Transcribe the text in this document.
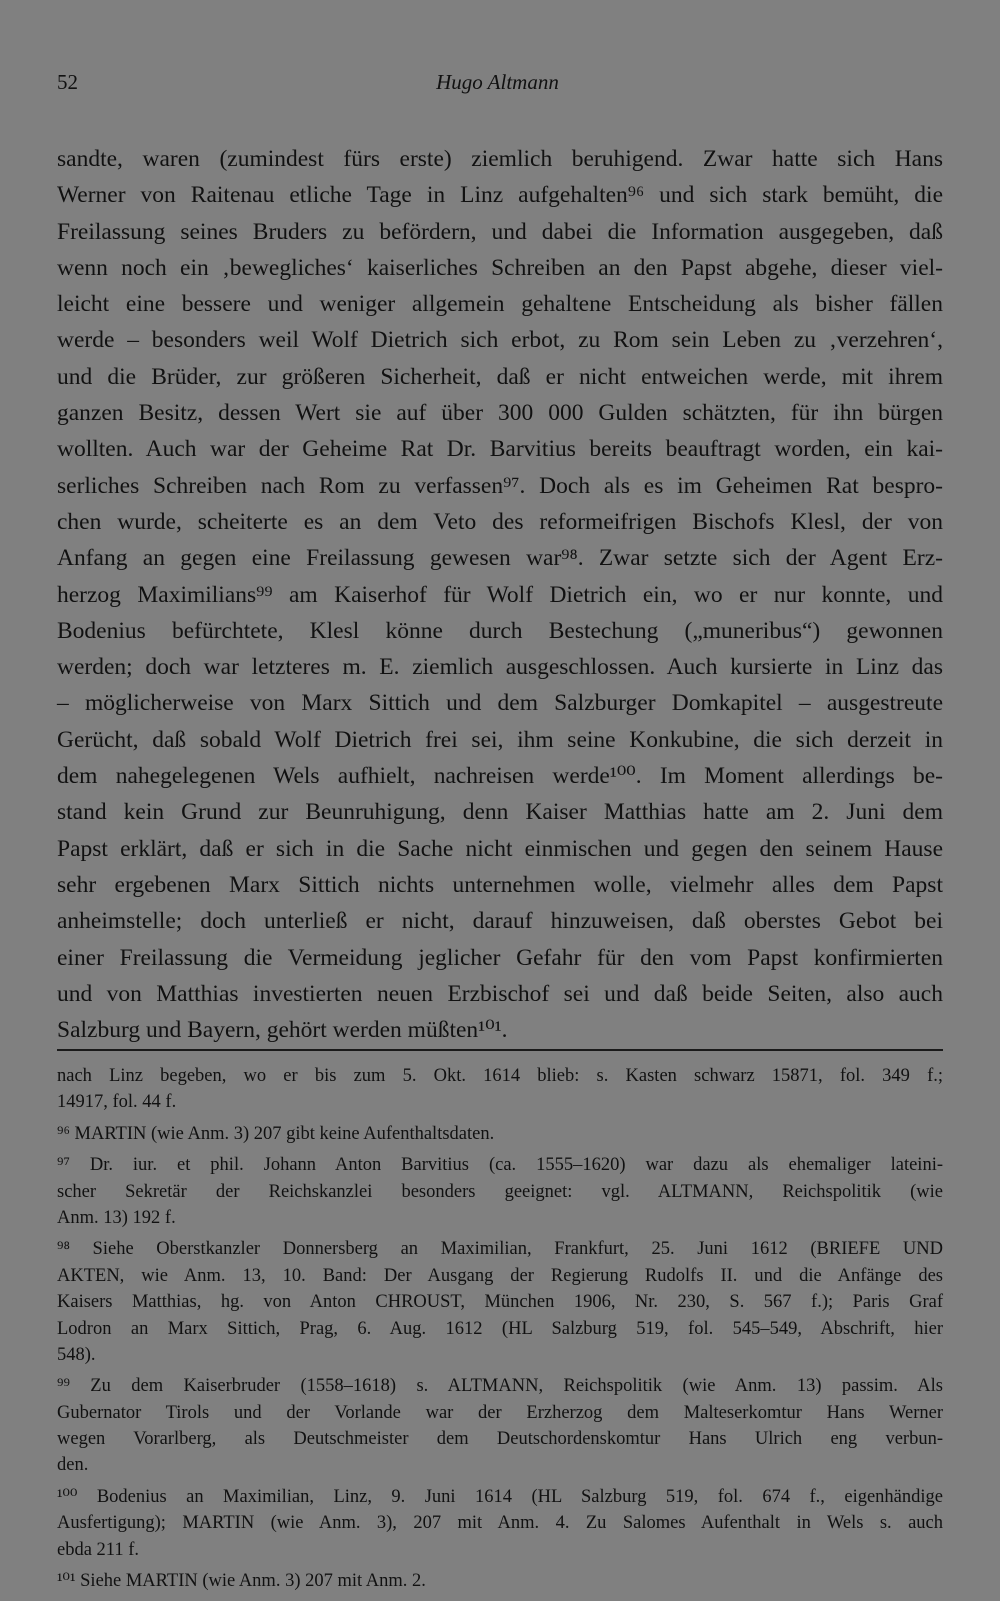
52	Hugo Altmann
sandte, waren (zumindest fürs erste) ziemlich beruhigend. Zwar hatte sich Hans
Werner von Raitenau etliche Tage in Linz aufgehalten⁹⁶ und sich stark bemüht, die
Freilassung seines Bruders zu befördern, und dabei die Information ausgegeben, daß
wenn noch ein ‚bewegliches‘ kaiserliches Schreiben an den Papst abgehe, dieser viel-
leicht eine bessere und weniger allgemein gehaltene Entscheidung als bisher fällen
werde – besonders weil Wolf Dietrich sich erbot, zu Rom sein Leben zu ‚verzehren‘,
und die Brüder, zur größeren Sicherheit, daß er nicht entweichen werde, mit ihrem
ganzen Besitz, dessen Wert sie auf über 300 000 Gulden schätzten, für ihn bürgen
wollten. Auch war der Geheime Rat Dr. Barvitius bereits beauftragt worden, ein kai-
serliches Schreiben nach Rom zu verfassen⁹⁷. Doch als es im Geheimen Rat bespro-
chen wurde, scheiterte es an dem Veto des reformeifrigen Bischofs Klesl, der von
Anfang an gegen eine Freilassung gewesen war⁹⁸. Zwar setzte sich der Agent Erz-
herzog Maximilians⁹⁹ am Kaiserhof für Wolf Dietrich ein, wo er nur konnte, und
Bodenius befürchtete, Klesl könne durch Bestechung („muneribus“) gewonnen
werden; doch war letzteres m. E. ziemlich ausgeschlossen. Auch kursierte in Linz das
– möglicherweise von Marx Sittich und dem Salzburger Domkapitel – ausgestreute
Gerücht, daß sobald Wolf Dietrich frei sei, ihm seine Konkubine, die sich derzeit in
dem nahegelegenen Wels aufhielt, nachreisen werde¹⁰⁰. Im Moment allerdings be-
stand kein Grund zur Beunruhigung, denn Kaiser Matthias hatte am 2. Juni dem
Papst erklärt, daß er sich in die Sache nicht einmischen und gegen den seinem Hause
sehr ergebenen Marx Sittich nichts unternehmen wolle, vielmehr alles dem Papst
anheimstelle; doch unterließ er nicht, darauf hinzuweisen, daß oberstes Gebot bei
einer Freilassung die Vermeidung jeglicher Gefahr für den vom Papst konfirmierten
und von Matthias investierten neuen Erzbischof sei und daß beide Seiten, also auch
Salzburg und Bayern, gehört werden müßten¹⁰¹.
nach Linz begeben, wo er bis zum 5. Okt. 1614 blieb: s. Kasten schwarz 15871, fol. 349 f.;
14917, fol. 44 f.
⁹⁶ MARTIN (wie Anm. 3) 207 gibt keine Aufenthaltsdaten.
⁹⁷ Dr. iur. et phil. Johann Anton Barvitius (ca. 1555–1620) war dazu als ehemaliger lateini-
scher Sekretär der Reichskanzlei besonders geeignet: vgl. ALTMANN, Reichspolitik (wie
Anm. 13) 192 f.
⁹⁸ Siehe Oberstkanzler Donnersberg an Maximilian, Frankfurt, 25. Juni 1612 (BRIEFE UND
AKTEN, wie Anm. 13, 10. Band: Der Ausgang der Regierung Rudolfs II. und die Anfänge des
Kaisers Matthias, hg. von Anton CHROUST, München 1906, Nr. 230, S. 567 f.); Paris Graf
Lodron an Marx Sittich, Prag, 6. Aug. 1612 (HL Salzburg 519, fol. 545–549, Abschrift, hier
548).
⁹⁹ Zu dem Kaiserbruder (1558–1618) s. ALTMANN, Reichspolitik (wie Anm. 13) passim. Als
Gubernator Tirols und der Vorlande war der Erzherzog dem Malteserkomtur Hans Werner
wegen Vorarlberg, als Deutschmeister dem Deutschordenskomtur Hans Ulrich eng verbun-
den.
¹⁰⁰ Bodenius an Maximilian, Linz, 9. Juni 1614 (HL Salzburg 519, fol. 674 f., eigenhändige
Ausfertigung); MARTIN (wie Anm. 3), 207 mit Anm. 4. Zu Salomes Aufenthalt in Wels s. auch
ebda 211 f.
¹⁰¹ Siehe MARTIN (wie Anm. 3) 207 mit Anm. 2.
